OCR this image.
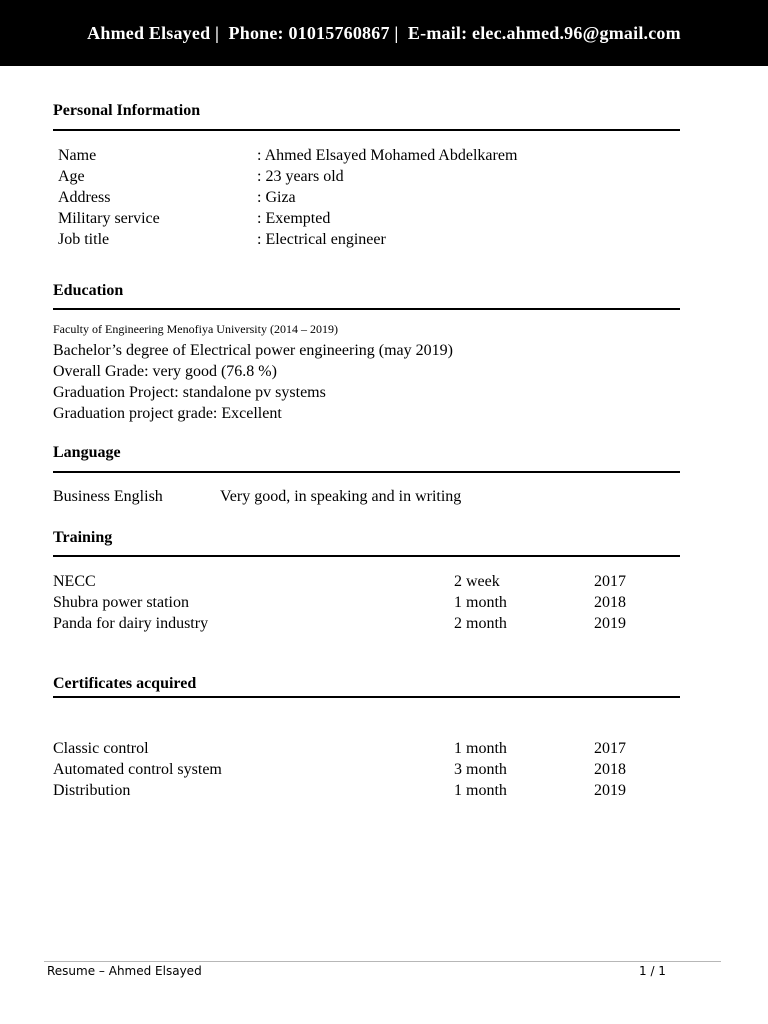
Ahmed Elsayed |  Phone: 01015760867 |  E-mail: elec.ahmed.96@gmail.com
Personal Information
Name	: Ahmed Elsayed Mohamed Abdelkarem
Age	: 23 years old
Address	: Giza
Military service	: Exempted
Job title	: Electrical engineer
Education
Faculty of Engineering Menofiya University (2014 – 2019)
Bachelor’s degree of Electrical power engineering (may 2019)
Overall Grade: very good (76.8 %)
Graduation Project: standalone pv systems
Graduation project grade: Excellent
Language
Business English	Very good, in speaking and in writing
Training
NECC	2 week	2017
Shubra power station	1 month	2018
Panda for dairy industry	2 month	2019
Certificates acquired
Classic control	1 month	2017
Automated control system	3 month	2018
Distribution	1 month	2019
Resume – Ahmed Elsayed	1 / 1
